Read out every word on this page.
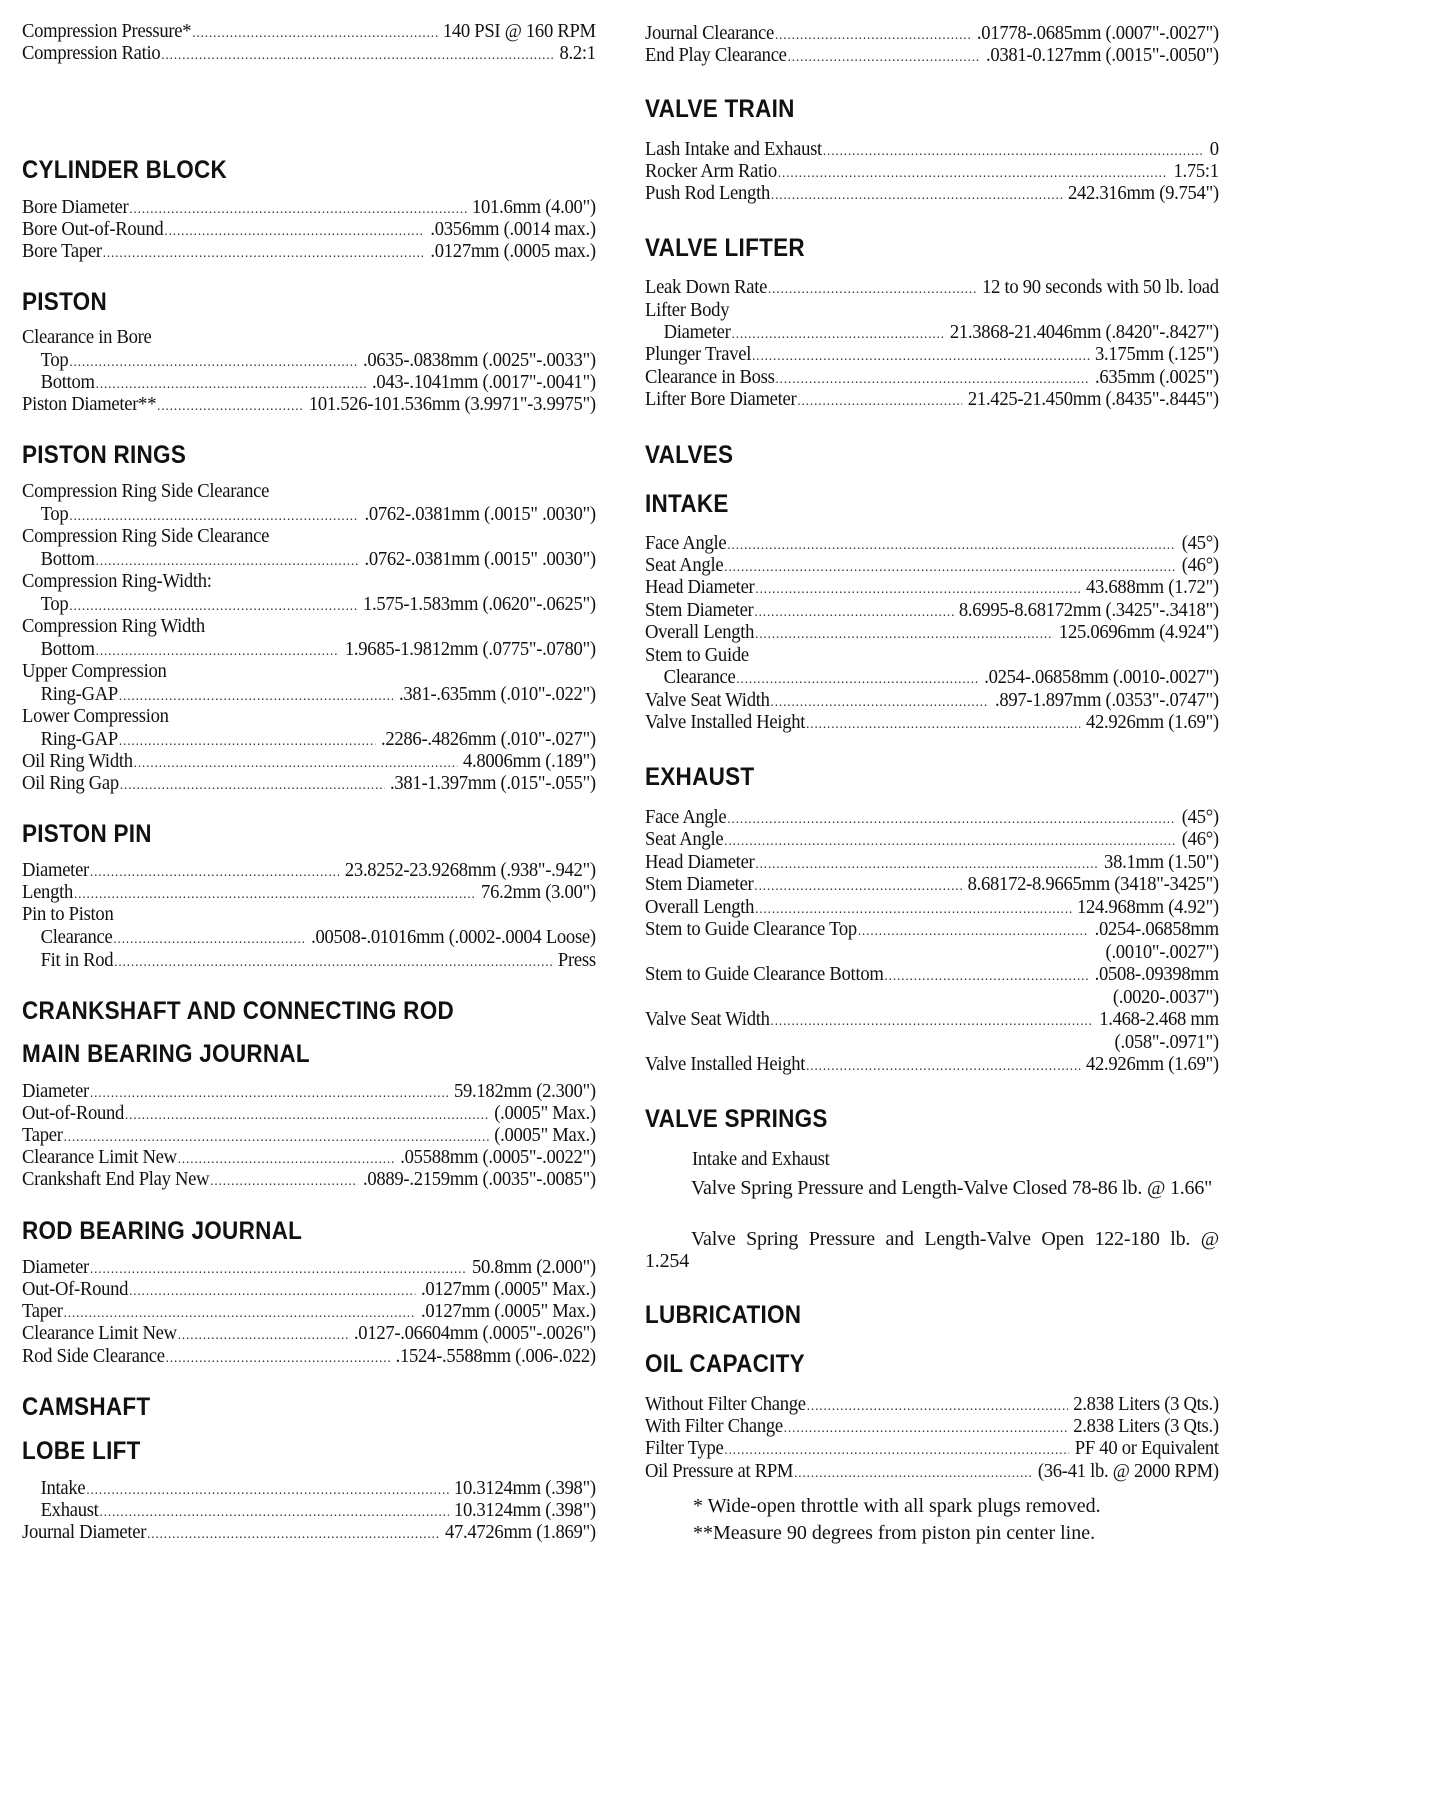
Compression Pressure* .....	140 PSI @ 160 RPM
Compression Ratio .....	8.2:1
CYLINDER BLOCK
Bore Diameter .....	101.6mm (4.00")
Bore Out-of-Round .....	.0356mm (.0014 max.)
Bore Taper .....	.0127mm (.0005 max.)
PISTON
Clearance in Bore
Top .....	.0635-.0838mm (.0025"-.0033")
Bottom .....	.043-.1041mm (.0017"-.0041")
Piston Diameter** .....	101.526-101.536mm (3.9971"-3.9975")
PISTON RINGS
Compression Ring Side Clearance
Top .....	.0762-.0381mm (.0015" .0030")
Compression Ring Side Clearance
Bottom .....	.0762-.0381mm (.0015" .0030")
Compression Ring-Width:
Top .....	1.575-1.583mm (.0620"-.0625")
Compression Ring Width
Bottom .....	1.9685-1.9812mm (.0775"-.0780")
Upper Compression
Ring-GAP .....	.381-.635mm (.010"-.022")
Lower Compression
Ring-GAP .....	.2286-.4826mm (.010"-.027")
Oil Ring Width .....	4.8006mm (.189")
Oil Ring Gap .....	.381-1.397mm (.015"-.055")
PISTON PIN
Diameter .....	23.8252-23.9268mm (.938"-.942")
Length .....	76.2mm (3.00")
Pin to Piston
Clearance .....	.00508-.01016mm (.0002-.0004 Loose)
Fit in Rod .....	Press
CRANKSHAFT AND CONNECTING ROD
MAIN BEARING JOURNAL
Diameter .....	59.182mm (2.300")
Out-of-Round .....	(.0005" Max.)
Taper .....	(.0005" Max.)
Clearance Limit New .....	.05588mm (.0005"-.0022")
Crankshaft End Play New .....	.0889-.2159mm (.0035"-.0085")
ROD BEARING JOURNAL
Diameter .....	50.8mm (2.000")
Out-Of-Round .....	.0127mm (.0005" Max.)
Taper .....	.0127mm (.0005" Max.)
Clearance Limit New .....	.0127-.06604mm (.0005"-.0026")
Rod Side Clearance .....	.1524-.5588mm (.006-.022)
CAMSHAFT
LOBE LIFT
Intake .....	10.3124mm (.398")
Exhaust .....	10.3124mm (.398")
Journal Diameter .....	47.4726mm (1.869")
Journal Clearance .....	.01778-.0685mm (.0007"-.0027")
End Play Clearance .....	.0381-0.127mm (.0015"-.0050")
VALVE TRAIN
Lash Intake and Exhaust .....	0
Rocker Arm Ratio .....	1.75:1
Push Rod Length .....	242.316mm (9.754")
VALVE LIFTER
Leak Down Rate .....	12 to 90 seconds with 50 lb. load
Lifter Body
Diameter .....	21.3868-21.4046mm (.8420"-.8427")
Plunger Travel .....	3.175mm (.125")
Clearance in Boss .....	.635mm (.0025")
Lifter Bore Diameter .....	21.425-21.450mm (.8435"-.8445")
VALVES
INTAKE
Face Angle .....	(45°)
Seat Angle .....	(46°)
Head Diameter .....	43.688mm (1.72")
Stem Diameter .....	8.6995-8.68172mm (.3425"-.3418")
Overall Length .....	125.0696mm (4.924")
Stem to Guide
Clearance .....	.0254-.06858mm (.0010-.0027")
Valve Seat Width .....	.897-1.897mm (.0353"-.0747")
Valve Installed Height .....	42.926mm (1.69")
EXHAUST
Face Angle .....	(45°)
Seat Angle .....	(46°)
Head Diameter .....	38.1mm (1.50")
Stem Diameter .....	8.68172-8.9665mm (3418"-3425")
Overall Length .....	124.968mm (4.92")
Stem to Guide Clearance Top .....	.0254-.06858mm
(.0010"-.0027")
Stem to Guide Clearance Bottom .....	.0508-.09398mm
(.0020-.0037")
Valve Seat Width .....	1.468-2.468 mm
(.058"-.0971")
Valve Installed Height .....	42.926mm (1.69")
VALVE SPRINGS
Intake and Exhaust
Valve Spring Pressure and Length-Valve Closed 78-86 lb. @ 1.66"
Valve Spring Pressure and Length-Valve Open 122-180 lb. @ 1.254
LUBRICATION
OIL CAPACITY
Without Filter Change .....	2.838 Liters (3 Qts.)
With Filter Change .....	2.838 Liters (3 Qts.)
Filter Type .....	PF 40 or Equivalent
Oil Pressure at RPM .....	(36-41 lb. @ 2000 RPM)
* Wide-open throttle with all spark plugs removed.
**Measure 90 degrees from piston pin center line.
